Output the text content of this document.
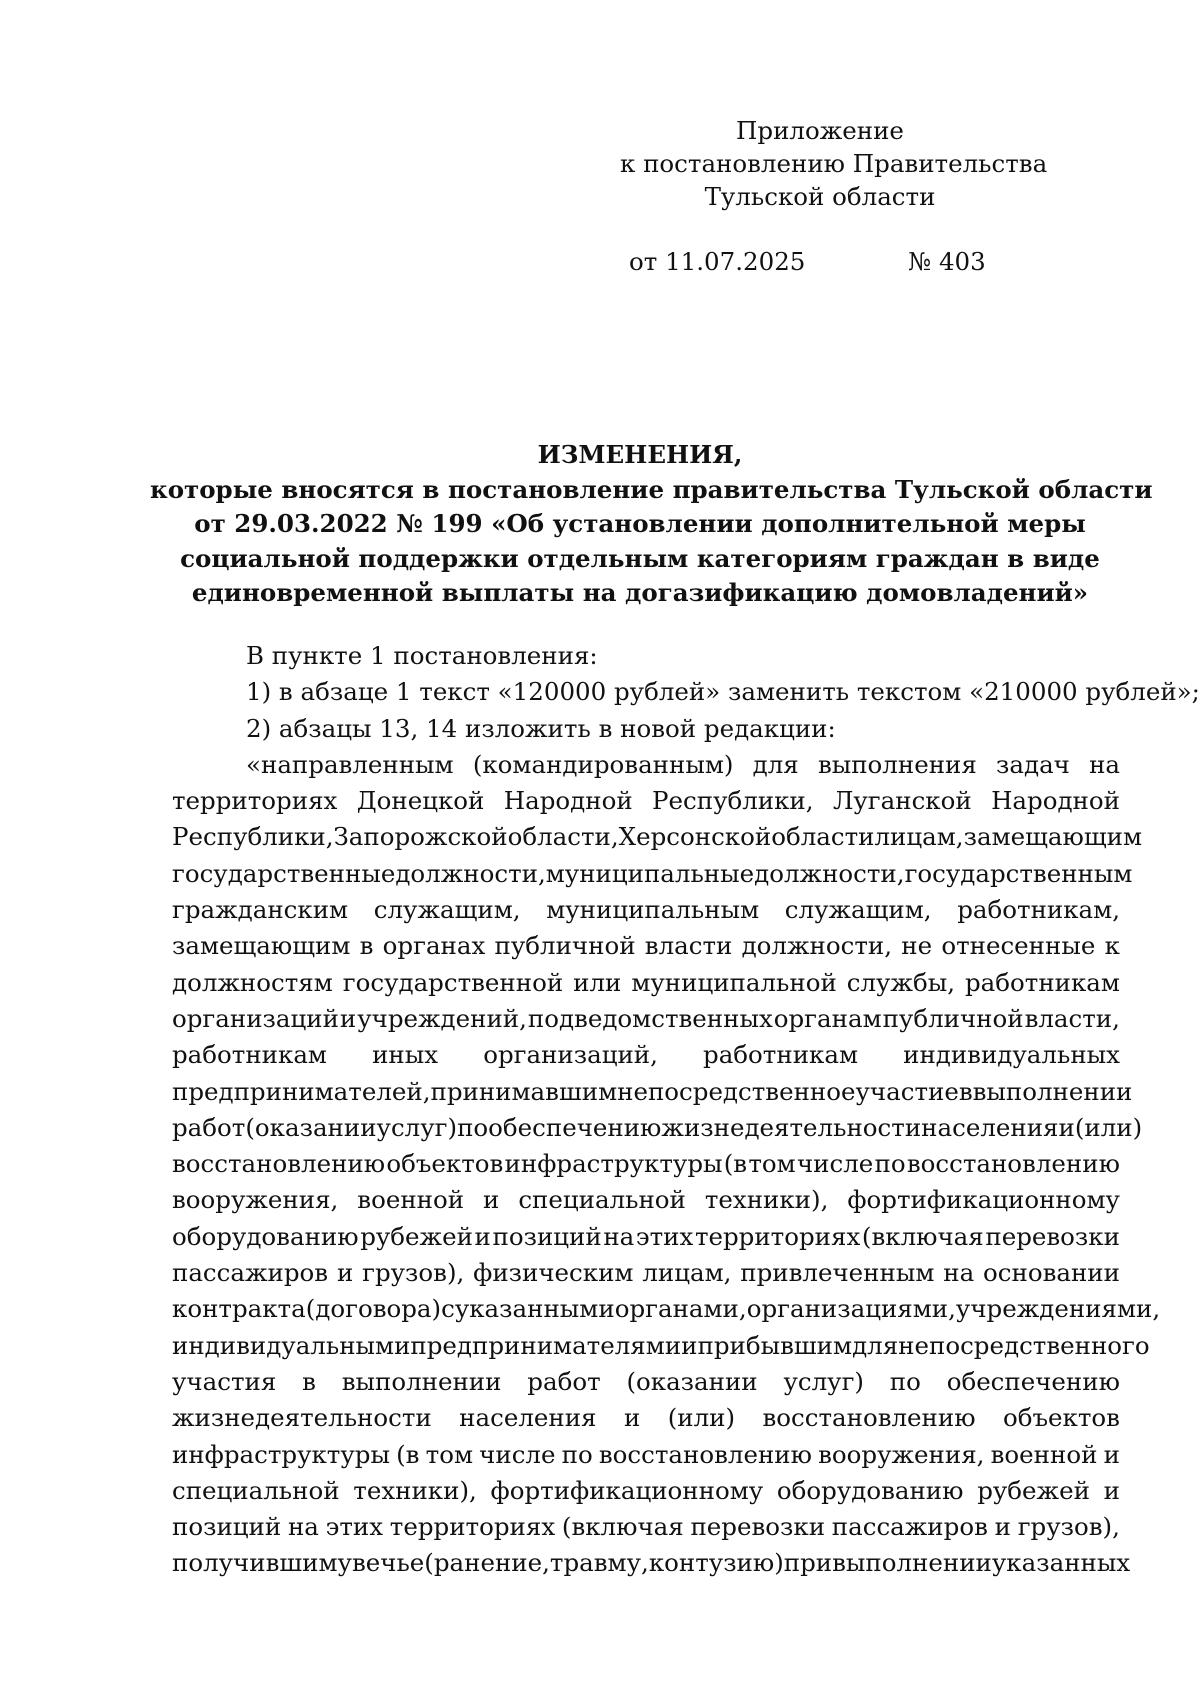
Приложение
к постановлению Правительства
Тульской области
от 11.07.2025	№ 403
ИЗМЕНЕНИЯ,
которые вносятся в постановление правительства Тульской области
от 29.03.2022 № 199 «Об установлении дополнительной меры
социальной поддержки отдельным категориям граждан в виде
единовременной выплаты на догазификацию домовладений»
В пункте 1 постановления:
1) в абзаце 1 текст «120000 рублей» заменить текстом «210000 рублей»;
2) абзацы 13, 14 изложить в новой редакции:
«направленным (командированным) для выполнения задач на
территориях Донецкой Народной Республики, Луганской Народной
Республики, Запорожской области, Херсонской области лицам, замещающим
государственные должности, муниципальные должности, государственным
гражданским служащим, муниципальным служащим, работникам,
замещающим в органах публичной власти должности, не отнесенные к
должностям государственной или муниципальной службы, работникам
организаций и учреждений, подведомственных органам публичной власти,
работникам иных организаций, работникам индивидуальных
предпринимателей, принимавшим непосредственное участие в выполнении
работ (оказании услуг) по обеспечению жизнедеятельности населения и (или)
восстановлению объектов инфраструктуры (в том числе по восстановлению
вооружения, военной и специальной техники), фортификационному
оборудованию рубежей и позиций на этих территориях (включая перевозки
пассажиров и грузов), физическим лицам, привлеченным на основании
контракта (договора) с указанными органами, организациями, учреждениями,
индивидуальными предпринимателями и прибывшим для непосредственного
участия в выполнении работ (оказании услуг) по обеспечению
жизнедеятельности населения и (или) восстановлению объектов
инфраструктуры (в том числе по восстановлению вооружения, военной и
специальной техники), фортификационному оборудованию рубежей и
позиций на этих территориях (включая перевозки пассажиров и грузов),
получившим увечье (ранение, травму, контузию) при выполнении указанных
